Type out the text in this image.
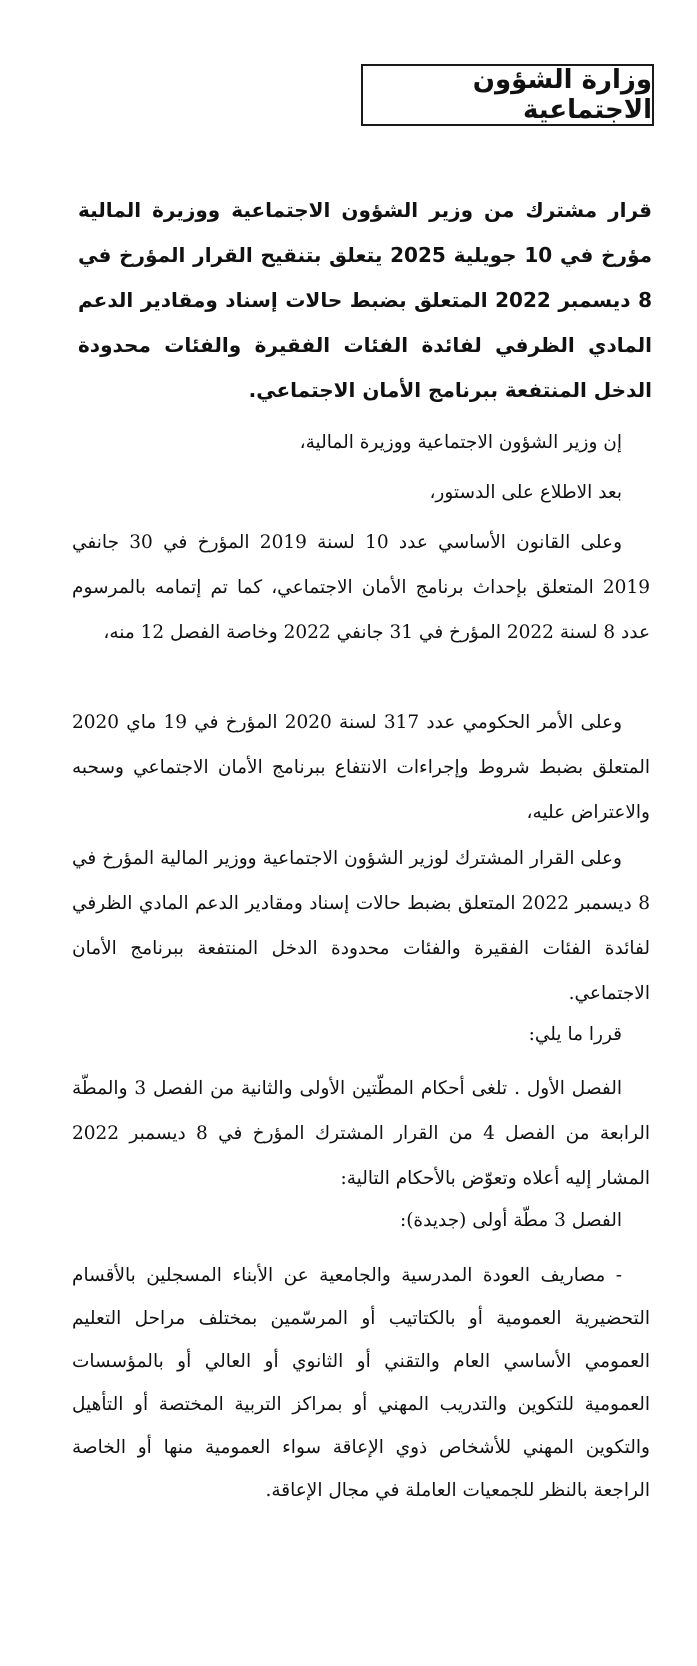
وزارة الشؤون الاجتماعية
قرار مشترك من وزير الشؤون الاجتماعية ووزيرة المالية مؤرخ في 10 جويلية 2025 يتعلق بتنقيح القرار المؤرخ في 8 ديسمبر 2022 المتعلق بضبط حالات إسناد ومقادير الدعم المادي الظرفي لفائدة الفئات الفقيرة والفئات محدودة الدخل المنتفعة ببرنامج الأمان الاجتماعي.
إن وزير الشؤون الاجتماعية ووزيرة المالية،
بعد الاطلاع على الدستور،
وعلى القانون الأساسي عدد 10 لسنة 2019 المؤرخ في 30 جانفي 2019 المتعلق بإحداث برنامج الأمان الاجتماعي، كما تم إتمامه بالمرسوم عدد 8 لسنة 2022 المؤرخ في 31 جانفي 2022 وخاصة الفصل 12 منه،
وعلى الأمر الحكومي عدد 317 لسنة 2020 المؤرخ في 19 ماي 2020 المتعلق بضبط شروط وإجراءات الانتفاع ببرنامج الأمان الاجتماعي وسحبه والاعتراض عليه،
وعلى القرار المشترك لوزير الشؤون الاجتماعية ووزير المالية المؤرخ في 8 ديسمبر 2022 المتعلق بضبط حالات إسناد ومقادير الدعم المادي الظرفي لفائدة الفئات الفقيرة والفئات محدودة الدخل المنتفعة ببرنامج الأمان الاجتماعي.
قررا ما يلي:
الفصل الأول . تلغى أحكام المطّتين الأولى والثانية من الفصل 3 والمطّة الرابعة من الفصل 4 من القرار المشترك المؤرخ في 8 ديسمبر 2022 المشار إليه أعلاه وتعوّض بالأحكام التالية:
الفصل 3 مطّة أولى (جديدة):
- مصاريف العودة المدرسية والجامعية عن الأبناء المسجلين بالأقسام التحضيرية العمومية أو بالكتاتيب أو المرسّمين بمختلف مراحل التعليم العمومي الأساسي العام والتقني أو الثانوي أو العالي أو بالمؤسسات العمومية للتكوين والتدريب المهني أو بمراكز التربية المختصة أو التأهيل والتكوين المهني للأشخاص ذوي الإعاقة سواء العمومية منها أو الخاصة الراجعة بالنظر للجمعيات العاملة في مجال الإعاقة.
